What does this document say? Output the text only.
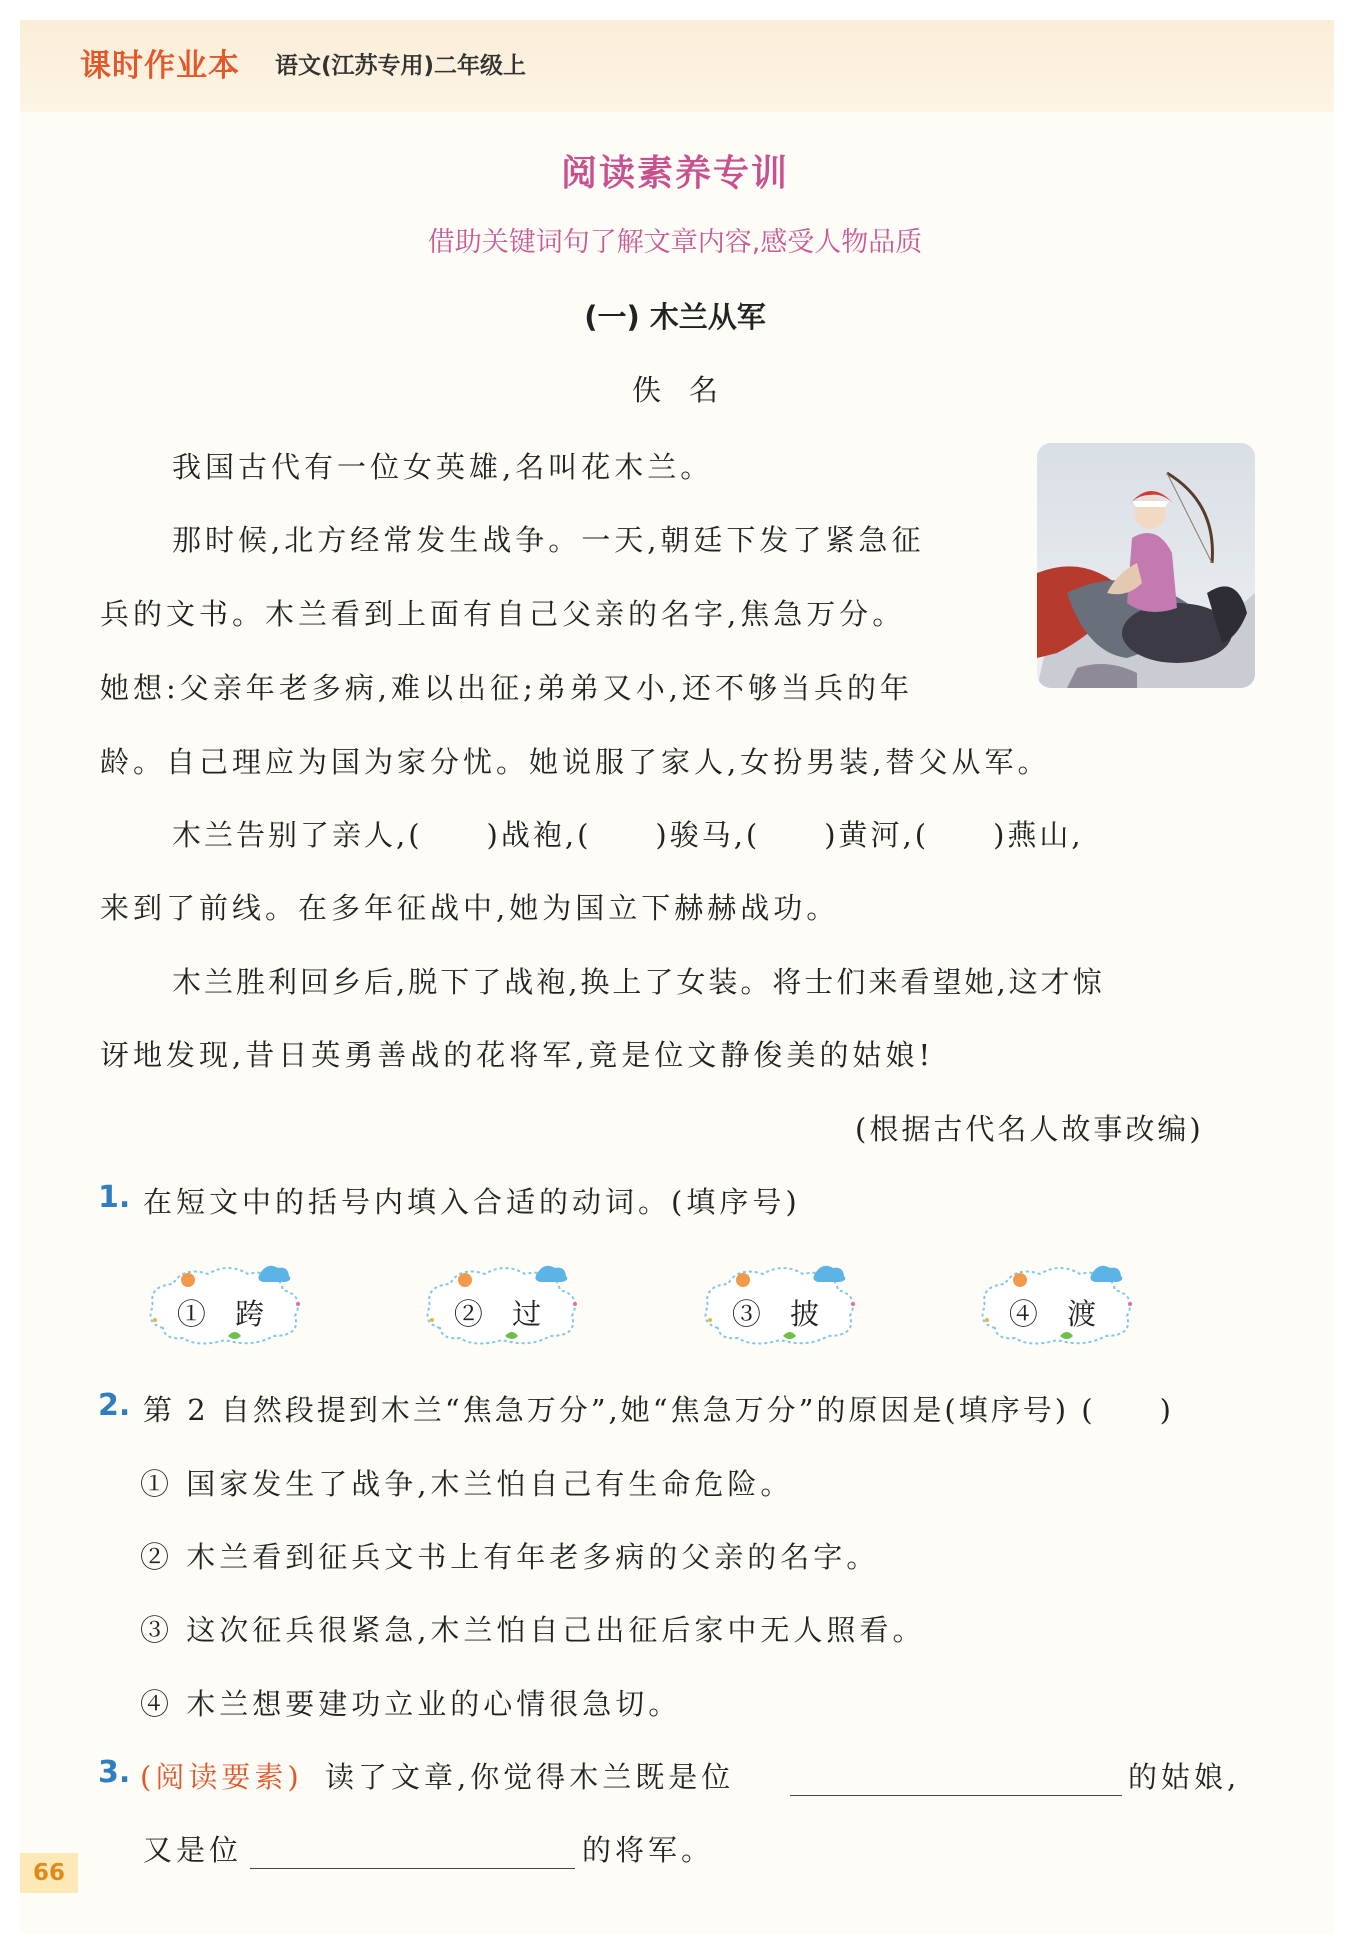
课时作业本 语文(江苏专用)二年级上
阅读素养专训
借助关键词句了解文章内容,感受人物品质
(一) 木兰从军
佚名
我国古代有一位女英雄,名叫花木兰。
那时候,北方经常发生战争。一天,朝廷下发了紧急征
兵的文书。木兰看到上面有自己父亲的名字,焦急万分。
她想:父亲年老多病,难以出征;弟弟又小,还不够当兵的年
龄。自己理应为国为家分忧。她说服了家人,女扮男装,替父从军。
木兰告别了亲人,(　　)战袍,(　　)骏马,(　　)黄河,(　　)燕山,
来到了前线。在多年征战中,她为国立下赫赫战功。
木兰胜利回乡后,脱下了战袍,换上了女装。将士们来看望她,这才惊
讶地发现,昔日英勇善战的花将军,竟是位文静俊美的姑娘!
(根据古代名人故事改编)
1. 在短文中的括号内填入合适的动词。(填序号)
① 跨	② 过	③ 披	④ 渡
2. 第 2 自然段提到木兰“焦急万分”,她“焦急万分”的原因是(填序号) (　　)
① 国家发生了战争,木兰怕自己有生命危险。
② 木兰看到征兵文书上有年老多病的父亲的名字。
③ 这次征兵很紧急,木兰怕自己出征后家中无人照看。
④ 木兰想要建功立业的心情很急切。
3. (阅读要素) 读了文章,你觉得木兰既是位	的姑娘,
又是位	的将军。
66
